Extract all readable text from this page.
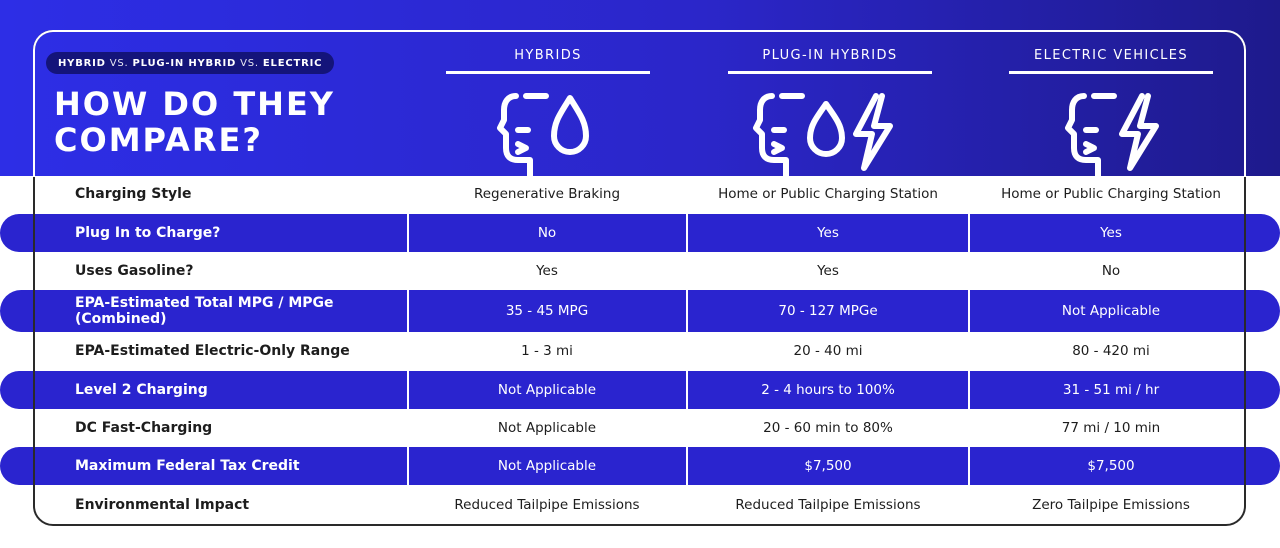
HYBRID VS. PLUG-IN HYBRID VS. ELECTRIC
HOW DO THEY
COMPARE?
HYBRIDS	PLUG-IN HYBRIDS	ELECTRIC VEHICLES
Charging Style	Regenerative Braking	Home or Public Charging Station	Home or Public Charging Station
Plug In to Charge?	No	Yes	Yes
Uses Gasoline?	Yes	Yes	No
EPA-Estimated Total MPG / MPGe
(Combined)	35 - 45 MPG	70 - 127 MPGe	Not Applicable
EPA-Estimated Electric-Only Range	1 - 3 mi	20 - 40 mi	80 - 420 mi
Level 2 Charging	Not Applicable	2 - 4 hours to 100%	31 - 51 mi / hr
DC Fast-Charging	Not Applicable	20 - 60 min to 80%	77 mi / 10 min
Maximum Federal Tax Credit	Not Applicable	$7,500	$7,500
Environmental Impact	Reduced Tailpipe Emissions	Reduced Tailpipe Emissions	Zero Tailpipe Emissions
